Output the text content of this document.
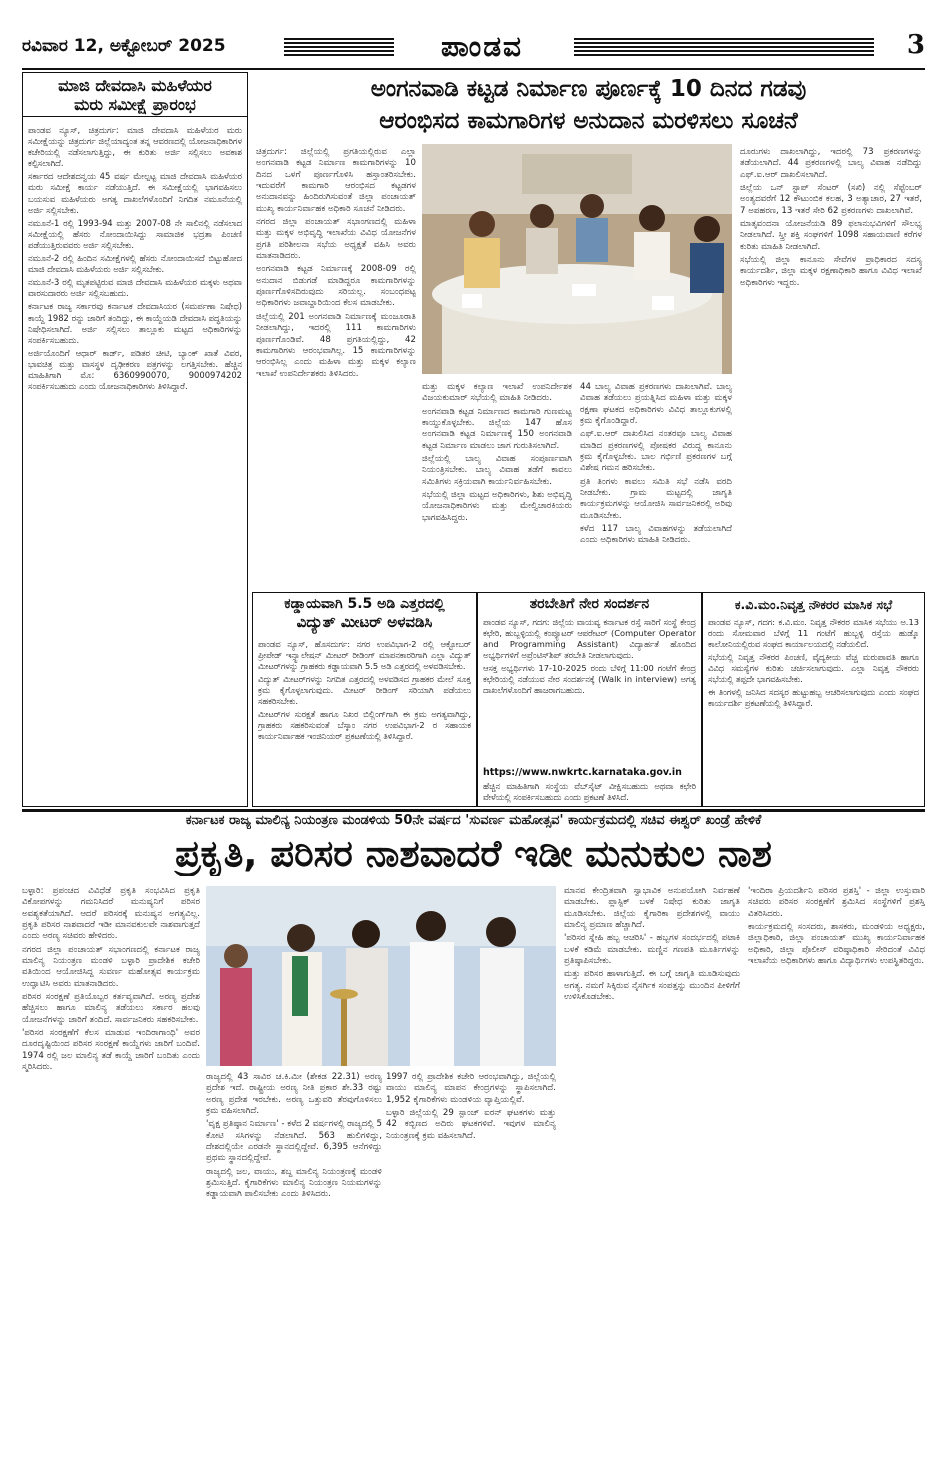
ರವಿವಾರ 12, ಅಕ್ಟೋಬರ್ 2025	ಪಾಂಡವ	3
ಮಾಜಿ ದೇವದಾಸಿ ಮಹಿಳೆಯರ
ಮರು ಸಮೀಕ್ಷೆ ಪ್ರಾರಂಭ

ಪಾಂಡವ ನ್ಯೂಸ್, ಚಿತ್ರದುರ್ಗ: ಮಾಜಿ ದೇವದಾಸಿ ಮಹಿಳೆಯರ ಮರು ಸಮೀಕ್ಷೆಯನ್ನು ಚಿತ್ರದುರ್ಗ ಜಿಲ್ಲೆಯಾದ್ಯಂತ ತನ್ನ ಆವರಣದಲ್ಲಿ ಯೋಜನಾಧಿಕಾರಿಗಳ ಕಚೇರಿಯಲ್ಲಿ ನಡೆಸಲಾಗುತ್ತಿದ್ದು, ಈ ಕುರಿತು ಅರ್ಜಿ ಸಲ್ಲಿಸಲು ಅವಕಾಶ ಕಲ್ಪಿಸಲಾಗಿದೆ.

ಸರ್ಕಾರದ ಆದೇಶದನ್ವಯ 45 ವರ್ಷ ಮೇಲ್ಪಟ್ಟ ಮಾಜಿ ದೇವದಾಸಿ ಮಹಿಳೆಯರ ಮರು ಸಮೀಕ್ಷೆ ಕಾರ್ಯ ನಡೆಯುತ್ತಿದೆ. ಈ ಸಮೀಕ್ಷೆಯಲ್ಲಿ ಭಾಗವಹಿಸಲು ಬಯಸುವ ಮಹಿಳೆಯರು ಅಗತ್ಯ ದಾಖಲೆಗಳೊಂದಿಗೆ ನಿಗದಿತ ನಮೂನೆಯಲ್ಲಿ ಅರ್ಜಿ ಸಲ್ಲಿಸಬೇಕು.

ನಮೂನೆ-1 ರಲ್ಲಿ 1993-94 ಮತ್ತು 2007-08 ನೇ ಸಾಲಿನಲ್ಲಿ ನಡೆಸಲಾದ ಸಮೀಕ್ಷೆಯಲ್ಲಿ ಹೆಸರು ನೋಂದಾಯಿಸಿದ್ದು ಸಾಮಾಜಿಕ ಭದ್ರತಾ ಪಿಂಚಣಿ ಪಡೆಯುತ್ತಿರುವವರು ಅರ್ಜಿ ಸಲ್ಲಿಸಬೇಕು.

ನಮೂನೆ-2 ರಲ್ಲಿ ಹಿಂದಿನ ಸಮೀಕ್ಷೆಗಳಲ್ಲಿ ಹೆಸರು ನೋಂದಾಯಿಸದೆ ಬಿಟ್ಟುಹೋದ ಮಾಜಿ ದೇವದಾಸಿ ಮಹಿಳೆಯರು ಅರ್ಜಿ ಸಲ್ಲಿಸಬೇಕು.

ನಮೂನೆ-3 ರಲ್ಲಿ ಮೃತಪಟ್ಟಿರುವ ಮಾಜಿ ದೇವದಾಸಿ ಮಹಿಳೆಯರ ಮಕ್ಕಳು ಅಥವಾ ವಾರಸುದಾರರು ಅರ್ಜಿ ಸಲ್ಲಿಸಬಹುದು.

ಕರ್ನಾಟಕ ರಾಜ್ಯ ಸರ್ಕಾರವು ಕರ್ನಾಟಕ ದೇವದಾಸಿಯರ (ಸಮರ್ಪಣಾ ನಿಷೇಧ) ಕಾಯ್ದೆ 1982 ರನ್ನು ಜಾರಿಗೆ ತಂದಿದ್ದು, ಈ ಕಾಯ್ದೆಯಡಿ ದೇವದಾಸಿ ಪದ್ಧತಿಯನ್ನು ನಿಷೇಧಿಸಲಾಗಿದೆ. ಅರ್ಜಿ ಸಲ್ಲಿಸಲು ತಾಲ್ಲೂಕು ಮಟ್ಟದ ಅಧಿಕಾರಿಗಳನ್ನು ಸಂಪರ್ಕಿಸಬಹುದು.

ಅರ್ಜಿಯೊಂದಿಗೆ ಆಧಾರ್ ಕಾರ್ಡ್, ಪಡಿತರ ಚೀಟಿ, ಬ್ಯಾಂಕ್ ಖಾತೆ ವಿವರ, ಭಾವಚಿತ್ರ ಮತ್ತು ವಾಸಸ್ಥಳ ದೃಢೀಕರಣ ಪತ್ರಗಳನ್ನು ಲಗತ್ತಿಸಬೇಕು. ಹೆಚ್ಚಿನ ಮಾಹಿತಿಗಾಗಿ ಮೊ: 6360990070, 9000974202 ಸಂಪರ್ಕಿಸಬಹುದು ಎಂದು ಯೋಜನಾಧಿಕಾರಿಗಳು ತಿಳಿಸಿದ್ದಾರೆ.

ಅಂಗನವಾಡಿ ಕಟ್ಟಡ ನಿರ್ಮಾಣ ಪೂರ್ಣಕ್ಕೆ 10 ದಿನದ ಗಡವು
ಆರಂಭಿಸದ ಕಾಮಗಾರಿಗಳ ಅನುದಾನ ಮರಳಿಸಲು ಸೂಚನೆ

ಚಿತ್ರದುರ್ಗ: ಜಿಲ್ಲೆಯಲ್ಲಿ ಪ್ರಗತಿಯಲ್ಲಿರುವ ಎಲ್ಲಾ ಅಂಗನವಾಡಿ ಕಟ್ಟಡ ನಿರ್ಮಾಣ ಕಾಮಗಾರಿಗಳನ್ನು 10 ದಿನದ ಒಳಗೆ ಪೂರ್ಣಗೊಳಿಸಿ ಹಸ್ತಾಂತರಿಸಬೇಕು. ಇದುವರೆಗೆ ಕಾಮಗಾರಿ ಆರಂಭಿಸದ ಕಟ್ಟಡಗಳ ಅನುದಾನವನ್ನು ಹಿಂದಿರುಗಿಸುವಂತೆ ಜಿಲ್ಲಾ ಪಂಚಾಯತ್ ಮುಖ್ಯ ಕಾರ್ಯನಿರ್ವಾಹಕ ಅಧಿಕಾರಿ ಸೂಚನೆ ನೀಡಿದರು.

ನಗರದ ಜಿಲ್ಲಾ ಪಂಚಾಯತ್ ಸಭಾಂಗಣದಲ್ಲಿ ಮಹಿಳಾ ಮತ್ತು ಮಕ್ಕಳ ಅಭಿವೃದ್ಧಿ ಇಲಾಖೆಯ ವಿವಿಧ ಯೋಜನೆಗಳ ಪ್ರಗತಿ ಪರಿಶೀಲನಾ ಸಭೆಯ ಅಧ್ಯಕ್ಷತೆ ವಹಿಸಿ ಅವರು ಮಾತನಾಡಿದರು.

ಅಂಗನವಾಡಿ ಕಟ್ಟಡ ನಿರ್ಮಾಣಕ್ಕೆ 2008-09 ರಲ್ಲಿ ಅನುದಾನ ಬಿಡುಗಡೆ ಮಾಡಿದ್ದರೂ ಕಾಮಗಾರಿಗಳನ್ನು ಪೂರ್ಣಗೊಳಿಸದಿರುವುದು ಸರಿಯಲ್ಲ. ಸಂಬಂಧಪಟ್ಟ ಅಧಿಕಾರಿಗಳು ಜವಾಬ್ದಾರಿಯಿಂದ ಕೆಲಸ ಮಾಡಬೇಕು.

ಜಿಲ್ಲೆಯಲ್ಲಿ 201 ಅಂಗನವಾಡಿ ನಿರ್ಮಾಣಕ್ಕೆ ಮಂಜೂರಾತಿ ನೀಡಲಾಗಿದ್ದು, ಇದರಲ್ಲಿ 111 ಕಾಮಗಾರಿಗಳು ಪೂರ್ಣಗೊಂಡಿವೆ. 48 ಪ್ರಗತಿಯಲ್ಲಿದ್ದು, 42 ಕಾಮಗಾರಿಗಳು ಆರಂಭವಾಗಿಲ್ಲ. 15 ಕಾಮಗಾರಿಗಳನ್ನು ಆರಂಭಿಸಿಲ್ಲ ಎಂದು ಮಹಿಳಾ ಮತ್ತು ಮಕ್ಕಳ ಕಲ್ಯಾಣ ಇಲಾಖೆ ಉಪನಿರ್ದೇಶಕರು ತಿಳಿಸಿದರು.

ಮತ್ತು ಮಕ್ಕಳ ಕಲ್ಯಾಣ ಇಲಾಖೆ ಉಪನಿರ್ದೇಶಕ ವಿಜಯಕುಮಾರ್ ಸಭೆಯಲ್ಲಿ ಮಾಹಿತಿ ನೀಡಿದರು.

ಅಂಗನವಾಡಿ ಕಟ್ಟಡ ನಿರ್ಮಾಣದ ಕಾಮಗಾರಿ ಗುಣಮಟ್ಟ ಕಾಯ್ದುಕೊಳ್ಳಬೇಕು. ಜಿಲ್ಲೆಯ 147 ಹೊಸ ಅಂಗನವಾಡಿ ಕಟ್ಟಡ ನಿರ್ಮಾಣಕ್ಕೆ 150 ಅಂಗನವಾಡಿ ಕಟ್ಟಡ ನಿರ್ಮಾಣ ಮಾಡಲು ಜಾಗ ಗುರುತಿಸಲಾಗಿದೆ.

ಜಿಲ್ಲೆಯಲ್ಲಿ ಬಾಲ್ಯ ವಿವಾಹ ಸಂಪೂರ್ಣವಾಗಿ ನಿಯಂತ್ರಿಸಬೇಕು. ಬಾಲ್ಯ ವಿವಾಹ ತಡೆಗೆ ಕಾವಲು ಸಮಿತಿಗಳು ಸಕ್ರಿಯವಾಗಿ ಕಾರ್ಯನಿರ್ವಹಿಸಬೇಕು.

ಸಭೆಯಲ್ಲಿ ಜಿಲ್ಲಾ ಮಟ್ಟದ ಅಧಿಕಾರಿಗಳು, ಶಿಶು ಅಭಿವೃದ್ಧಿ ಯೋಜನಾಧಿಕಾರಿಗಳು ಮತ್ತು ಮೇಲ್ವಿಚಾರಕಿಯರು ಭಾಗವಹಿಸಿದ್ದರು.

44 ಬಾಲ್ಯ ವಿವಾಹ ಪ್ರಕರಣಗಳು ದಾಖಲಾಗಿವೆ. ಬಾಲ್ಯ ವಿವಾಹ ತಡೆಯಲು ಪ್ರಯತ್ನಿಸಿದ ಮಹಿಳಾ ಮತ್ತು ಮಕ್ಕಳ ರಕ್ಷಣಾ ಘಟಕದ ಅಧಿಕಾರಿಗಳು ವಿವಿಧ ತಾಲ್ಲೂಕುಗಳಲ್ಲಿ ಕ್ರಮ ಕೈಗೊಂಡಿದ್ದಾರೆ.

ಎಫ್.ಐ.ಆರ್ ದಾಖಲಿಸಿದ ನಂತರವೂ ಬಾಲ್ಯ ವಿವಾಹ ಮಾಡಿದ ಪ್ರಕರಣಗಳಲ್ಲಿ ಪೋಷಕರ ವಿರುದ್ಧ ಕಾನೂನು ಕ್ರಮ ಕೈಗೊಳ್ಳಬೇಕು. ಬಾಲ ಗರ್ಭಿಣಿ ಪ್ರಕರಣಗಳ ಬಗ್ಗೆ ವಿಶೇಷ ಗಮನ ಹರಿಸಬೇಕು.

ಪ್ರತಿ ತಿಂಗಳು ಕಾವಲು ಸಮಿತಿ ಸಭೆ ನಡೆಸಿ ವರದಿ ನೀಡಬೇಕು. ಗ್ರಾಮ ಮಟ್ಟದಲ್ಲಿ ಜಾಗೃತಿ ಕಾರ್ಯಕ್ರಮಗಳನ್ನು ಆಯೋಜಿಸಿ ಸಾರ್ವಜನಿಕರಲ್ಲಿ ಅರಿವು ಮೂಡಿಸಬೇಕು.

ಕಳೆದ 117 ಬಾಲ್ಯ ವಿವಾಹಗಳನ್ನು ತಡೆಯಲಾಗಿದೆ ಎಂದು ಅಧಿಕಾರಿಗಳು ಮಾಹಿತಿ ನೀಡಿದರು.

ದೂರುಗಳು ದಾಖಲಾಗಿದ್ದು, ಇದರಲ್ಲಿ 73 ಪ್ರಕರಣಗಳನ್ನು ತಡೆಯಲಾಗಿದೆ. 44 ಪ್ರಕರಣಗಳಲ್ಲಿ ಬಾಲ್ಯ ವಿವಾಹ ನಡೆದಿದ್ದು ಎಫ್.ಐ.ಆರ್ ದಾಖಲಿಸಲಾಗಿದೆ.

ಜಿಲ್ಲೆಯ ಒನ್ ಸ್ಟಾಪ್ ಸೆಂಟರ್ (ಸಖಿ) ನಲ್ಲಿ ಸೆಪ್ಟೆಂಬರ್ ಅಂತ್ಯದವರೆಗೆ 12 ಕೌಟುಂಬಿಕ ಕಲಹ, 3 ಅತ್ಯಾಚಾರ, 27 ಇತರೆ, 7 ಅಪಹರಣ, 13 ಇತರೆ ಸೇರಿ 62 ಪ್ರಕರಣಗಳು ದಾಖಲಾಗಿವೆ.

ಮಾತೃವಂದನಾ ಯೋಜನೆಯಡಿ 89 ಫಲಾನುಭವಿಗಳಿಗೆ ಸೌಲಭ್ಯ ನೀಡಲಾಗಿದೆ. ಸ್ತ್ರೀ ಶಕ್ತಿ ಸಂಘಗಳಿಗೆ 1098 ಸಹಾಯವಾಣಿ ಕರೆಗಳ ಕುರಿತು ಮಾಹಿತಿ ನೀಡಲಾಗಿದೆ.

ಸಭೆಯಲ್ಲಿ ಜಿಲ್ಲಾ ಕಾನೂನು ಸೇವೆಗಳ ಪ್ರಾಧಿಕಾರದ ಸದಸ್ಯ ಕಾರ್ಯದರ್ಶಿ, ಜಿಲ್ಲಾ ಮಕ್ಕಳ ರಕ್ಷಣಾಧಿಕಾರಿ ಹಾಗೂ ವಿವಿಧ ಇಲಾಖೆ ಅಧಿಕಾರಿಗಳು ಇದ್ದರು.

ಕಡ್ಡಾಯವಾಗಿ 5.5 ಅಡಿ ಎತ್ತರದಲ್ಲಿ
ವಿದ್ಯುತ್ ಮೀಟರ್ ಅಳವಡಿಸಿ

ಪಾಂಡವ ನ್ಯೂಸ್, ಹೊಸದುರ್ಗ: ನಗರ ಉಪವಿಭಾಗ-2 ರಲ್ಲಿ ಆಕ್ಟೋಬರ್ ಪ್ರೀಪೇಡ್ ಇನ್ಸ್ಟಾಲೇಷನ್ ಮೀಟರ್ ರೀಡಿಂಗ್ ಮಾಪನಕಾರರಿಗಾಗಿ ಎಲ್ಲಾ ವಿದ್ಯುತ್ ಮೀಟರ್‌ಗಳನ್ನು ಗ್ರಾಹಕರು ಕಡ್ಡಾಯವಾಗಿ 5.5 ಅಡಿ ಎತ್ತರದಲ್ಲಿ ಅಳವಡಿಸಬೇಕು.

ವಿದ್ಯುತ್ ಮೀಟರ್‌ಗಳನ್ನು ನಿಗದಿತ ಎತ್ತರದಲ್ಲಿ ಅಳವಡಿಸದ ಗ್ರಾಹಕರ ಮೇಲೆ ಸೂಕ್ತ ಕ್ರಮ ಕೈಗೊಳ್ಳಲಾಗುವುದು. ಮೀಟರ್ ರೀಡಿಂಗ್ ಸರಿಯಾಗಿ ಪಡೆಯಲು ಸಹಕರಿಸಬೇಕು.

ಮೀಟರ್‌ಗಳ ಸುರಕ್ಷತೆ ಹಾಗೂ ನಿಖರ ಬಿಲ್ಲಿಂಗ್‌ಗಾಗಿ ಈ ಕ್ರಮ ಅಗತ್ಯವಾಗಿದ್ದು, ಗ್ರಾಹಕರು ಸಹಕರಿಸುವಂತೆ ಬೆಸ್ಕಾಂ ನಗರ ಉಪವಿಭಾಗ-2 ರ ಸಹಾಯಕ ಕಾರ್ಯನಿರ್ವಾಹಕ ಇಂಜಿನಿಯರ್ ಪ್ರಕಟಣೆಯಲ್ಲಿ ತಿಳಿಸಿದ್ದಾರೆ.

ತರಬೇತಿಗೆ ನೇರ ಸಂದರ್ಶನ

ಪಾಂಡವ ನ್ಯೂಸ್, ಗದಗ: ಜಿಲ್ಲೆಯ ವಾಯವ್ಯ ಕರ್ನಾಟಕ ರಸ್ತೆ ಸಾರಿಗೆ ಸಂಸ್ಥೆ ಕೇಂದ್ರ ಕಛೇರಿ, ಹುಬ್ಬಳ್ಳಿಯಲ್ಲಿ ಕಂಪ್ಯೂಟರ್ ಆಪರೇಟರ್ (Computer Operator and Programming Assistant) ವಿದ್ಯಾರ್ಹತೆ ಹೊಂದಿದ ಅಭ್ಯರ್ಥಿಗಳಿಗೆ ಅಪ್ರೆಂಟಿಸ್‌ಶಿಪ್ ತರಬೇತಿ ನೀಡಲಾಗುವುದು.

ಆಸಕ್ತ ಅಭ್ಯರ್ಥಿಗಳು 17-10-2025 ರಂದು ಬೆಳಿಗ್ಗೆ 11:00 ಗಂಟೆಗೆ ಕೇಂದ್ರ ಕಛೇರಿಯಲ್ಲಿ ನಡೆಯುವ ನೇರ ಸಂದರ್ಶನಕ್ಕೆ (Walk in interview) ಅಗತ್ಯ ದಾಖಲೆಗಳೊಂದಿಗೆ ಹಾಜರಾಗಬಹುದು.

https://www.nwkrtc.karnataka.gov.in

ಹೆಚ್ಚಿನ ಮಾಹಿತಿಗಾಗಿ ಸಂಸ್ಥೆಯ ವೆಬ್‌ಸೈಟ್ ವೀಕ್ಷಿಸಬಹುದು ಅಥವಾ ಕಛೇರಿ ವೇಳೆಯಲ್ಲಿ ಸಂಪರ್ಕಿಸಬಹುದು ಎಂದು ಪ್ರಕಟಣೆ ತಿಳಿಸಿದೆ.

ಕ.ವಿ.ಮಂ.ನಿವೃತ್ತ ನೌಕರರ ಮಾಸಿಕ ಸಭೆ

ಪಾಂಡವ ನ್ಯೂಸ್, ಗದಗ: ಕ.ವಿ.ಮಂ. ನಿವೃತ್ತ ನೌಕರರ ಮಾಸಿಕ ಸಭೆಯು ಅ.13 ರಂದು ಸೋಮವಾರ ಬೆಳಿಗ್ಗೆ 11 ಗಂಟೆಗೆ ಹುಬ್ಬಳ್ಳಿ ರಸ್ತೆಯ ಹುಡ್ಕೊ ಕಾಲೋನಿಯಲ್ಲಿರುವ ಸಂಘದ ಕಾರ್ಯಾಲಯದಲ್ಲಿ ನಡೆಯಲಿದೆ.

ಸಭೆಯಲ್ಲಿ ನಿವೃತ್ತ ನೌಕರರ ಪಿಂಚಣಿ, ವೈದ್ಯಕೀಯ ವೆಚ್ಚ ಮರುಪಾವತಿ ಹಾಗೂ ವಿವಿಧ ಸಮಸ್ಯೆಗಳ ಕುರಿತು ಚರ್ಚಿಸಲಾಗುವುದು. ಎಲ್ಲಾ ನಿವೃತ್ತ ನೌಕರರು ಸಭೆಯಲ್ಲಿ ತಪ್ಪದೇ ಭಾಗವಹಿಸಬೇಕು.

ಈ ತಿಂಗಳಲ್ಲಿ ಜನಿಸಿದ ಸದಸ್ಯರ ಹುಟ್ಟುಹಬ್ಬ ಆಚರಿಸಲಾಗುವುದು ಎಂದು ಸಂಘದ ಕಾರ್ಯದರ್ಶಿ ಪ್ರಕಟಣೆಯಲ್ಲಿ ತಿಳಿಸಿದ್ದಾರೆ.

ಕರ್ನಾಟಕ ರಾಜ್ಯ ಮಾಲಿನ್ಯ ನಿಯಂತ್ರಣ ಮಂಡಳಿಯ 50ನೇ ವರ್ಷದ 'ಸುವರ್ಣ ಮಹೋತ್ಸವ' ಕಾರ್ಯಕ್ರಮದಲ್ಲಿ ಸಚಿವ ಈಶ್ವರ್ ಖಂಡ್ರೆ ಹೇಳಿಕೆ
ಪ್ರಕೃತಿ, ಪರಿಸರ ನಾಶವಾದರೆ ಇಡೀ ಮನುಕುಲ ನಾಶ

ಬಳ್ಳಾರಿ: ಪ್ರಪಂಚದ ವಿವಿಧೆಡೆ ಪ್ರಕೃತಿ ಸಂಭವಿಸಿದ ಪ್ರಕೃತಿ ವಿಕೋಪಗಳನ್ನು ಗಮನಿಸಿದರೆ ಮನುಷ್ಯನಿಗೆ ಪರಿಸರ ಅವಶ್ಯಕತೆಯಾಗಿದೆ. ಆದರೆ ಪರಿಸರಕ್ಕೆ ಮನುಷ್ಯನ ಅಗತ್ಯವಿಲ್ಲ. ಪ್ರಕೃತಿ ಪರಿಸರ ನಾಶವಾದರೆ ಇಡೀ ಮಾನವಕುಲವೇ ನಾಶವಾಗುತ್ತದೆ ಎಂದು ಅರಣ್ಯ ಸಚಿವರು ಹೇಳಿದರು.

ನಗರದ ಜಿಲ್ಲಾ ಪಂಚಾಯತ್ ಸಭಾಂಗಣದಲ್ಲಿ ಕರ್ನಾಟಕ ರಾಜ್ಯ ಮಾಲಿನ್ಯ ನಿಯಂತ್ರಣ ಮಂಡಳಿ ಬಳ್ಳಾರಿ ಪ್ರಾದೇಶಿಕ ಕಚೇರಿ ವತಿಯಿಂದ ಆಯೋಜಿಸಿದ್ದ ಸುವರ್ಣ ಮಹೋತ್ಸವ ಕಾರ್ಯಕ್ರಮ ಉದ್ಘಾಟಿಸಿ ಅವರು ಮಾತನಾಡಿದರು.

ಪರಿಸರ ಸಂರಕ್ಷಣೆ ಪ್ರತಿಯೊಬ್ಬರ ಕರ್ತವ್ಯವಾಗಿದೆ. ಅರಣ್ಯ ಪ್ರದೇಶ ಹೆಚ್ಚಿಸಲು ಹಾಗೂ ಮಾಲಿನ್ಯ ತಡೆಯಲು ಸರ್ಕಾರ ಹಲವು ಯೋಜನೆಗಳನ್ನು ಜಾರಿಗೆ ತಂದಿದೆ. ಸಾರ್ವಜನಿಕರು ಸಹಕರಿಸಬೇಕು.

'ಪರಿಸರ ಸಂರಕ್ಷಣೆಗೆ ಕೆಲಸ ಮಾಡುವ ಇಂದಿರಾಗಾಂಧಿ' ಅವರ ದೂರದೃಷ್ಟಿಯಿಂದ ಪರಿಸರ ಸಂರಕ್ಷಣೆ ಕಾಯ್ದೆಗಳು ಜಾರಿಗೆ ಬಂದಿವೆ. 1974 ರಲ್ಲಿ ಜಲ ಮಾಲಿನ್ಯ ತಡೆ ಕಾಯ್ದೆ ಜಾರಿಗೆ ಬಂದಿತು ಎಂದು ಸ್ಮರಿಸಿದರು.

ರಾಜ್ಯದಲ್ಲಿ 43 ಸಾವಿರ ಚ.ಕಿ.ಮೀ (ಶೇಕಡ 22.31) ಅರಣ್ಯ ಪ್ರದೇಶ ಇದೆ. ರಾಷ್ಟ್ರೀಯ ಅರಣ್ಯ ನೀತಿ ಪ್ರಕಾರ ಶೇ.33 ರಷ್ಟು ಅರಣ್ಯ ಪ್ರದೇಶ ಇರಬೇಕು. ಅರಣ್ಯ ಒತ್ತುವರಿ ತೆರವುಗೊಳಿಸಲು ಕ್ರಮ ವಹಿಸಲಾಗಿದೆ.

'ವೃಕ್ಷ ಪ್ರತಿಷ್ಠಾನ ನಿರ್ಮಾಣ' - ಕಳೆದ 2 ವರ್ಷಗಳಲ್ಲಿ ರಾಜ್ಯದಲ್ಲಿ 5 ಕೋಟಿ ಸಸಿಗಳನ್ನು ನೆಡಲಾಗಿದೆ. 563 ಹುಲಿಗಳಿದ್ದು, ದೇಶದಲ್ಲಿಯೇ ಎರಡನೇ ಸ್ಥಾನದಲ್ಲಿದ್ದೇವೆ. 6,395 ಆನೆಗಳಿದ್ದು ಪ್ರಥಮ ಸ್ಥಾನದಲ್ಲಿದ್ದೇವೆ.

ರಾಜ್ಯದಲ್ಲಿ ಜಲ, ವಾಯು, ಶಬ್ದ ಮಾಲಿನ್ಯ ನಿಯಂತ್ರಣಕ್ಕೆ ಮಂಡಳಿ ಶ್ರಮಿಸುತ್ತಿದೆ. ಕೈಗಾರಿಕೆಗಳು ಮಾಲಿನ್ಯ ನಿಯಂತ್ರಣ ನಿಯಮಗಳನ್ನು ಕಡ್ಡಾಯವಾಗಿ ಪಾಲಿಸಬೇಕು ಎಂದು ತಿಳಿಸಿದರು.

1997 ರಲ್ಲಿ ಪ್ರಾದೇಶಿಕ ಕಚೇರಿ ಆರಂಭವಾಗಿದ್ದು, ಜಿಲ್ಲೆಯಲ್ಲಿ ವಾಯು ಮಾಲಿನ್ಯ ಮಾಪನ ಕೇಂದ್ರಗಳನ್ನು ಸ್ಥಾಪಿಸಲಾಗಿದೆ. 1,952 ಕೈಗಾರಿಕೆಗಳು ಮಂಡಳಿಯ ವ್ಯಾಪ್ತಿಯಲ್ಲಿವೆ.

ಬಳ್ಳಾರಿ ಜಿಲ್ಲೆಯಲ್ಲಿ 29 ಸ್ಪಾಂಜ್ ಐರನ್ ಘಟಕಗಳು ಮತ್ತು 42 ಕಬ್ಬಿಣದ ಅದಿರು ಘಟಕಗಳಿವೆ. ಇವುಗಳ ಮಾಲಿನ್ಯ ನಿಯಂತ್ರಣಕ್ಕೆ ಕ್ರಮ ವಹಿಸಲಾಗಿದೆ.

ಮಾನವ ಕೇಂದ್ರಿತವಾಗಿ ಸ್ವಾಭಾವಿಕ ಅನುಪಯೋಗಿ ನಿರ್ವಹಣೆ ಮಾಡಬೇಕು. ಪ್ಲಾಸ್ಟಿಕ್ ಬಳಕೆ ನಿಷೇಧ ಕುರಿತು ಜಾಗೃತಿ ಮೂಡಿಸಬೇಕು. ಜಿಲ್ಲೆಯ ಕೈಗಾರಿಕಾ ಪ್ರದೇಶಗಳಲ್ಲಿ ವಾಯು ಮಾಲಿನ್ಯ ಪ್ರಮಾಣ ಹೆಚ್ಚಾಗಿದೆ.

'ಪರಿಸರ ಸ್ನೇಹಿ ಹಬ್ಬ ಆಚರಿಸಿ' - ಹಬ್ಬಗಳ ಸಂದರ್ಭದಲ್ಲಿ ಪಟಾಕಿ ಬಳಕೆ ಕಡಿಮೆ ಮಾಡಬೇಕು. ಮಣ್ಣಿನ ಗಣಪತಿ ಮೂರ್ತಿಗಳನ್ನು ಪ್ರತಿಷ್ಠಾಪಿಸಬೇಕು.

ಮತ್ತು ಪರಿಸರ ಹಾಳಾಗುತ್ತಿದೆ. ಈ ಬಗ್ಗೆ ಜಾಗೃತಿ ಮೂಡಿಸುವುದು ಅಗತ್ಯ. ನಮಗೆ ಸಿಕ್ಕಿರುವ ನೈಸರ್ಗಿಕ ಸಂಪತ್ತನ್ನು ಮುಂದಿನ ಪೀಳಿಗೆಗೆ ಉಳಿಸಿಕೊಡಬೇಕು.

'ಇಂದಿರಾ ಪ್ರಿಯದರ್ಶಿನಿ ಪರಿಸರ ಪ್ರಶಸ್ತಿ' - ಜಿಲ್ಲಾ ಉಸ್ತುವಾರಿ ಸಚಿವರು ಪರಿಸರ ಸಂರಕ್ಷಣೆಗೆ ಶ್ರಮಿಸಿದ ಸಂಸ್ಥೆಗಳಿಗೆ ಪ್ರಶಸ್ತಿ ವಿತರಿಸಿದರು.

ಕಾರ್ಯಕ್ರಮದಲ್ಲಿ ಸಂಸದರು, ಶಾಸಕರು, ಮಂಡಳಿಯ ಅಧ್ಯಕ್ಷರು, ಜಿಲ್ಲಾಧಿಕಾರಿ, ಜಿಲ್ಲಾ ಪಂಚಾಯತ್ ಮುಖ್ಯ ಕಾರ್ಯನಿರ್ವಾಹಕ ಅಧಿಕಾರಿ, ಜಿಲ್ಲಾ ಪೊಲೀಸ್ ವರಿಷ್ಠಾಧಿಕಾರಿ ಸೇರಿದಂತೆ ವಿವಿಧ ಇಲಾಖೆಯ ಅಧಿಕಾರಿಗಳು ಹಾಗೂ ವಿದ್ಯಾರ್ಥಿಗಳು ಉಪಸ್ಥಿತರಿದ್ದರು.
